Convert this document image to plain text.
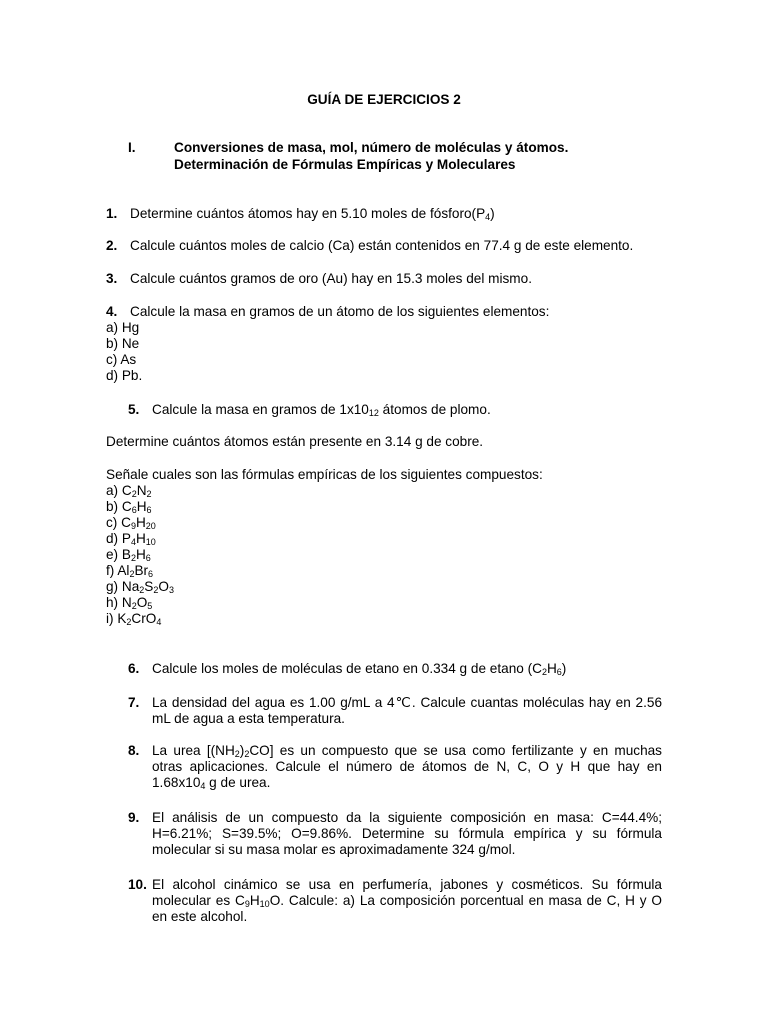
GUÍA DE EJERCICIOS 2
I.	Conversiones de masa, mol, número de moléculas y átomos.
Determinación de Fórmulas Empíricas y Moleculares
1. Determine cuántos átomos hay en 5.10 moles de $fósforo(P_4)$
2. Calcule cuántos moles de calcio (Ca) están contenidos en 77.4 g de este elemento.
3. Calcule cuántos gramos de oro (Au) hay en 15.3 moles del mismo.
4. Calcule la masa en gramos de un átomo de los siguientes elementos:
a) Hg
b) Ne
c) As
d) Pb.
5. Calcule la masa en gramos de $1x10_{12}$ átomos de plomo.
Determine cuántos átomos están presente en 3.14 g de cobre.
Señale cuales son las fórmulas empíricas de los siguientes compuestos:
a) $C_2N_2$
b) $C_6H_6$
c) $C_9H_{20}$
d) $P_4H_{10}$
e) $B_2H_6$
f) $Al_2Br_6$
g) $Na_2S_2O_3$
h) $N_2O_5$
i) $K_2CrO_4$
6. Calcule los moles de moléculas de etano en 0.334 g de etano $(C_2H_6)$
7. La densidad del agua es 1.00 g/mL a 4℃. Calcule cuantas moléculas hay en 2.56 mL de agua a esta temperatura.
8. La urea $[(NH_2)_2CO]$ es un compuesto que se usa como fertilizante y en muchas otras aplicaciones. Calcule el número de átomos de N, C, O y H que hay en $1.68x10_4$ g de urea.
9. El análisis de un compuesto da la siguiente composición en masa: C=44.4%; H=6.21%; S=39.5%; O=9.86%. Determine su fórmula empírica y su fórmula molecular si su masa molar es aproximadamente 324 g/mol.
10. El alcohol cinámico se usa en perfumería, jabones y cosméticos. Su fórmula molecular es $C_9H_{10}O$. Calcule: a) La composición porcentual en masa de C, H y O en este alcohol.
